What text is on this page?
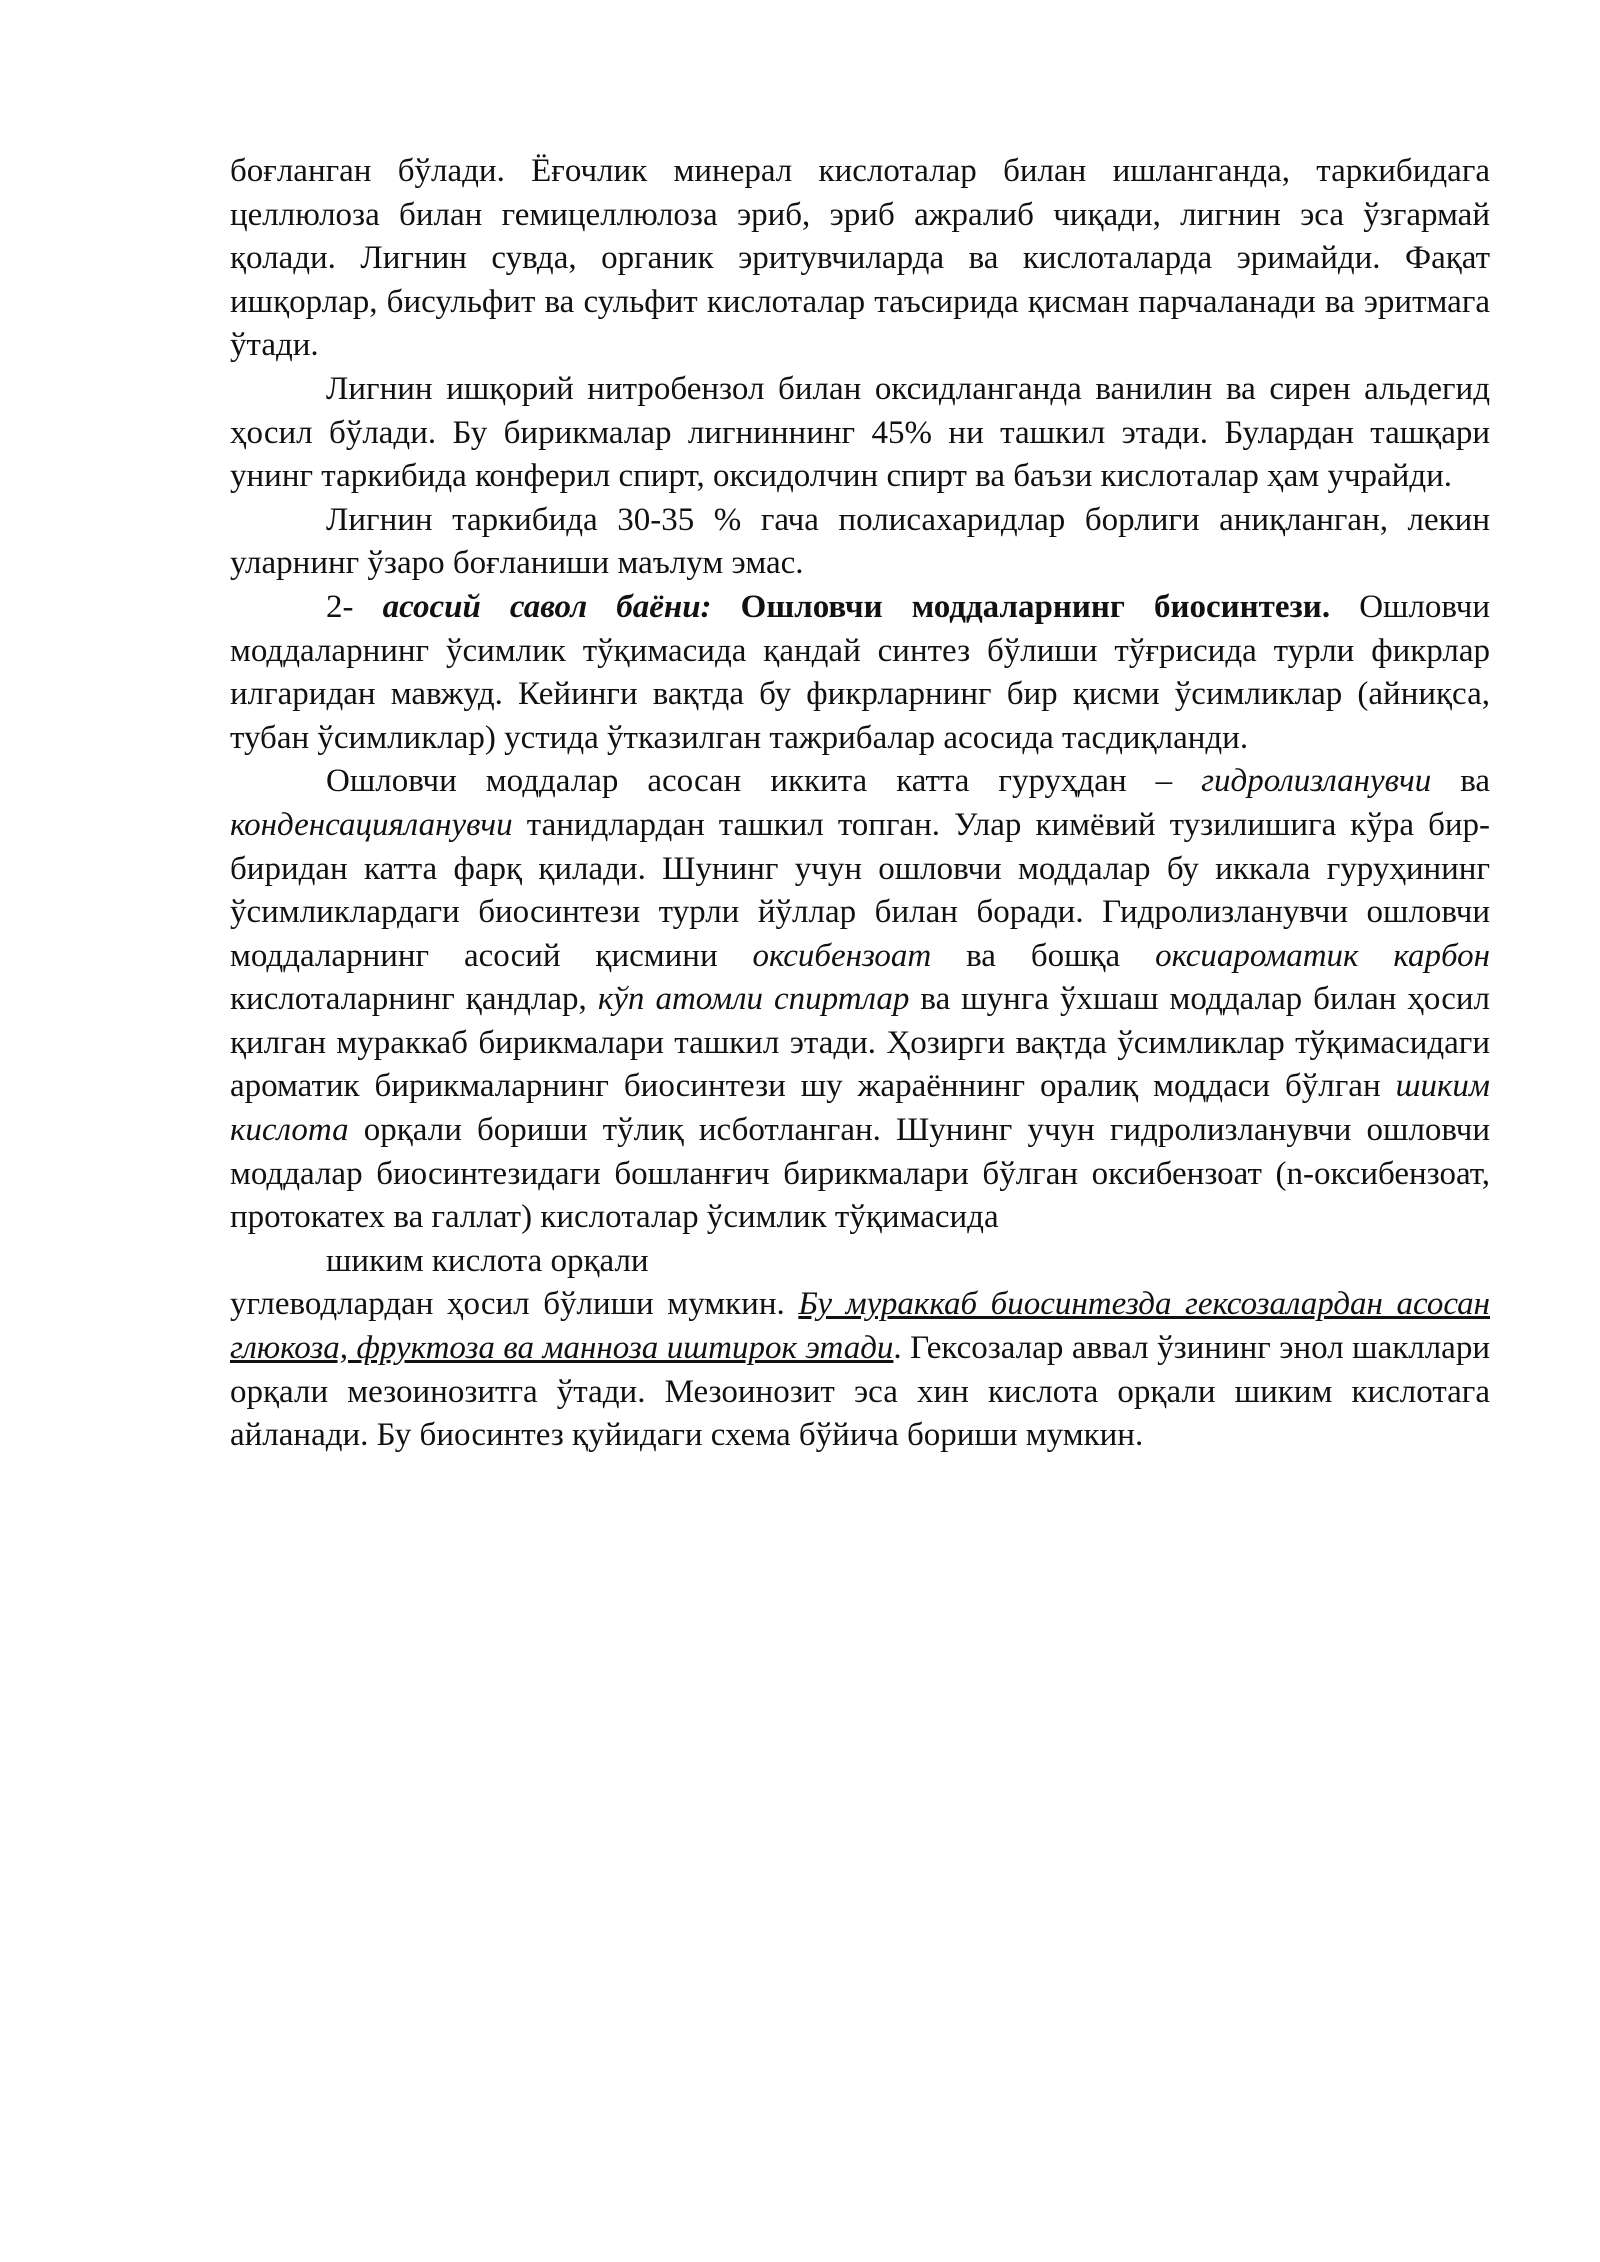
боғланган бўлади. Ёғочлик минерал кислоталар билан ишланганда, таркибидага целлюлоза билан гемицеллюлоза эриб, эриб ажралиб чиқади, лигнин эса ўзгармай қолади. Лигнин сувда, органик эритувчиларда ва кислоталарда эримайди. Фақат ишқорлар, бисульфит ва сульфит кислоталар таъсирида қисман парчаланади ва эритмага ўтади.

Лигнин ишқорий нитробензол билан оксидланганда ванилин ва сирен альдегид ҳосил бўлади. Бу бирикмалар лигниннинг 45% ни ташкил этади. Булардан ташқари унинг таркибида конферил спирт, оксидолчин спирт ва баъзи кислоталар ҳам учрайди.

Лигнин таркибида 30-35 % гача полисахаридлар борлиги аниқланган, лекин уларнинг ўзаро боғланиши маълум эмас.

2- асосий савол баёни: Ошловчи моддаларнинг биосинтези. Ошловчи моддаларнинг ўсимлик тўқимасида қандай синтез бўлиши тўғрисида турли фикрлар илгаридан мавжуд. Кейинги вақтда бу фикрларнинг бир қисми ўсимликлар (айниқса, тубан ўсимликлар) устида ўтказилган тажрибалар асосида тасдиқланди.

Ошловчи моддалар асосан иккита катта гуруҳдан – гидролизланувчи ва конденсацияланувчи танидлардан ташкил топган. Улар кимёвий тузилишига кўра бир-биридан катта фарқ қилади. Шунинг учун ошловчи моддалар бу иккала гуруҳининг ўсимликлардаги биосинтези турли йўллар билан боради. Гидролизланувчи ошловчи моддаларнинг асосий қисмини оксибензоат ва бошқа оксиароматик карбон кислоталарнинг қандлар, кўп атомли спиртлар ва шунга ўхшаш моддалар билан ҳосил қилган мураккаб бирикмалари ташкил этади. Ҳозирги вақтда ўсимликлар тўқимасидаги ароматик бирикмаларнинг биосинтези шу жараённинг оралиқ моддаси бўлган шиким кислота орқали бориши тўлиқ исботланган. Шунинг учун гидролизланувчи ошловчи моддалар биосинтезидаги бошланғич бирикмалари бўлган оксибензоат (n-оксибензоат, протокатех ва галлат) кислоталар ўсимлик тўқимасида
шиким кислота орқали
углеводлардан ҳосил бўлиши мумкин. Бу мураккаб биосинтезда гексозалардан асосан глюкоза, фруктоза ва манноза иштирок этади. Гексозалар аввал ўзининг энол шакллари орқали мезоинозитга ўтади. Мезоинозит эса хин кислота орқали шиким кислотага айланади. Бу биосинтез қуйидаги схема бўйича бориши мумкин.
